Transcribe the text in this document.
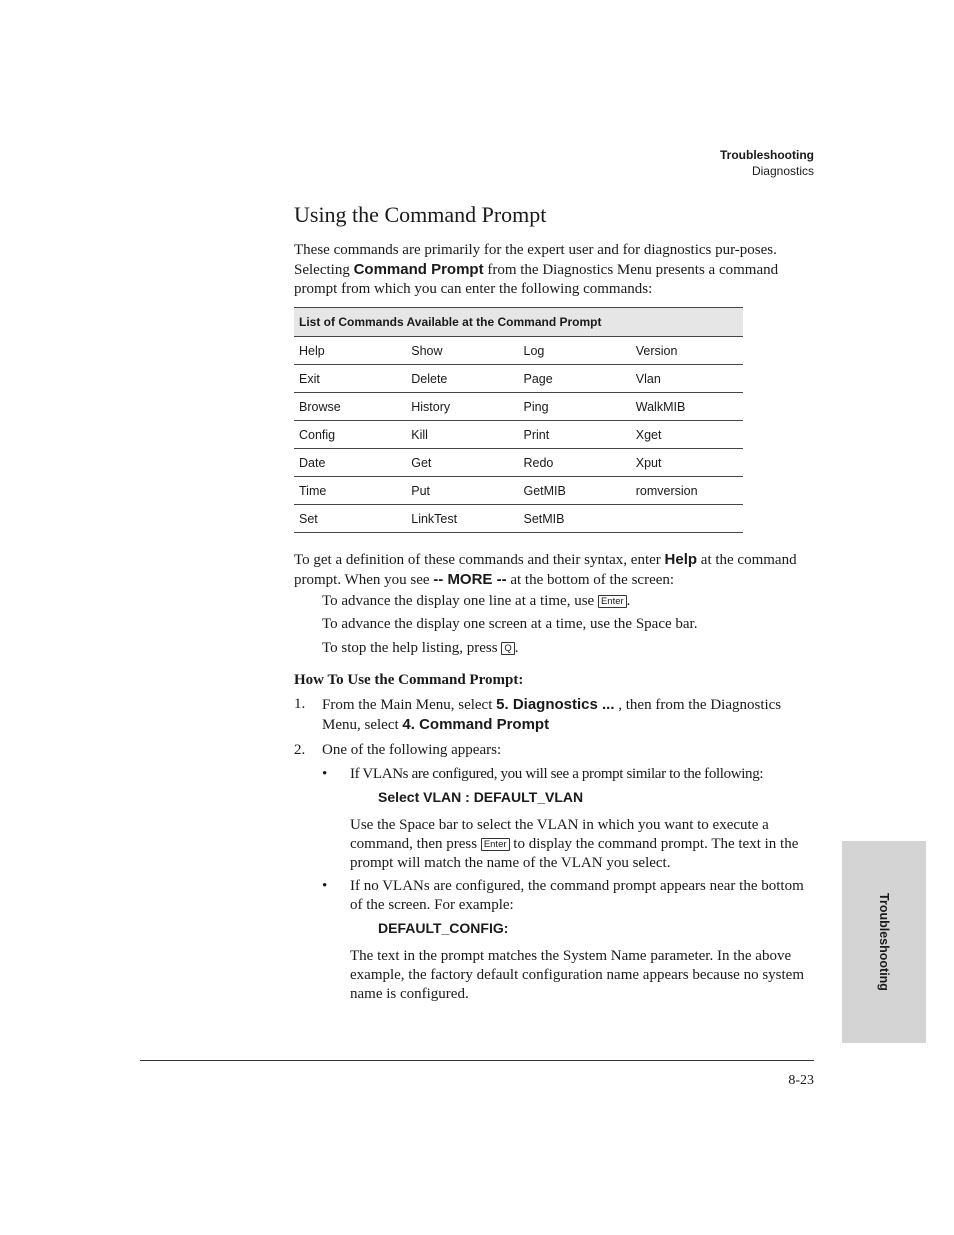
Troubleshooting
Diagnostics
Using the Command Prompt

These commands are primarily for the expert user and for diagnostics pur-poses. Selecting Command Prompt from the Diagnostics Menu presents a command prompt from which you can enter the following commands:

List of Commands Available at the Command Prompt			
Help	Show	Log	Version
Exit	Delete	Page	Vlan
Browse	History	Ping	WalkMIB
Config	Kill	Print	Xget
Date	Get	Redo	Xput
Time	Put	GetMIB	romversion
Set	LinkTest	SetMIB	

To get a definition of these commands and their syntax, enter Help at the command prompt. When you see -- MORE -- at the bottom of the screen:

To advance the display one line at a time, use Enter .

To advance the display one screen at a time, use the Space bar.

To stop the help listing, press Q .

How To Use the Command Prompt:

1. From the Main Menu, select 5. Diagnostics ... , then from the Diagnostics Menu, select 4. Command Prompt

2. One of the following appears:

• If VLANs are configured, you will see a prompt similar to the following:

Select VLAN : DEFAULT_VLAN

Use the Space bar to select the VLAN in which you want to execute a command, then press Enter to display the command prompt. The text in the prompt will match the name of the VLAN you select.

• If no VLANs are configured, the command prompt appears near the bottom of the screen. For example:

DEFAULT_CONFIG:

The text in the prompt matches the System Name parameter. In the above example, the factory default configuration name appears because no system name is configured.

8-23
Troubleshooting
